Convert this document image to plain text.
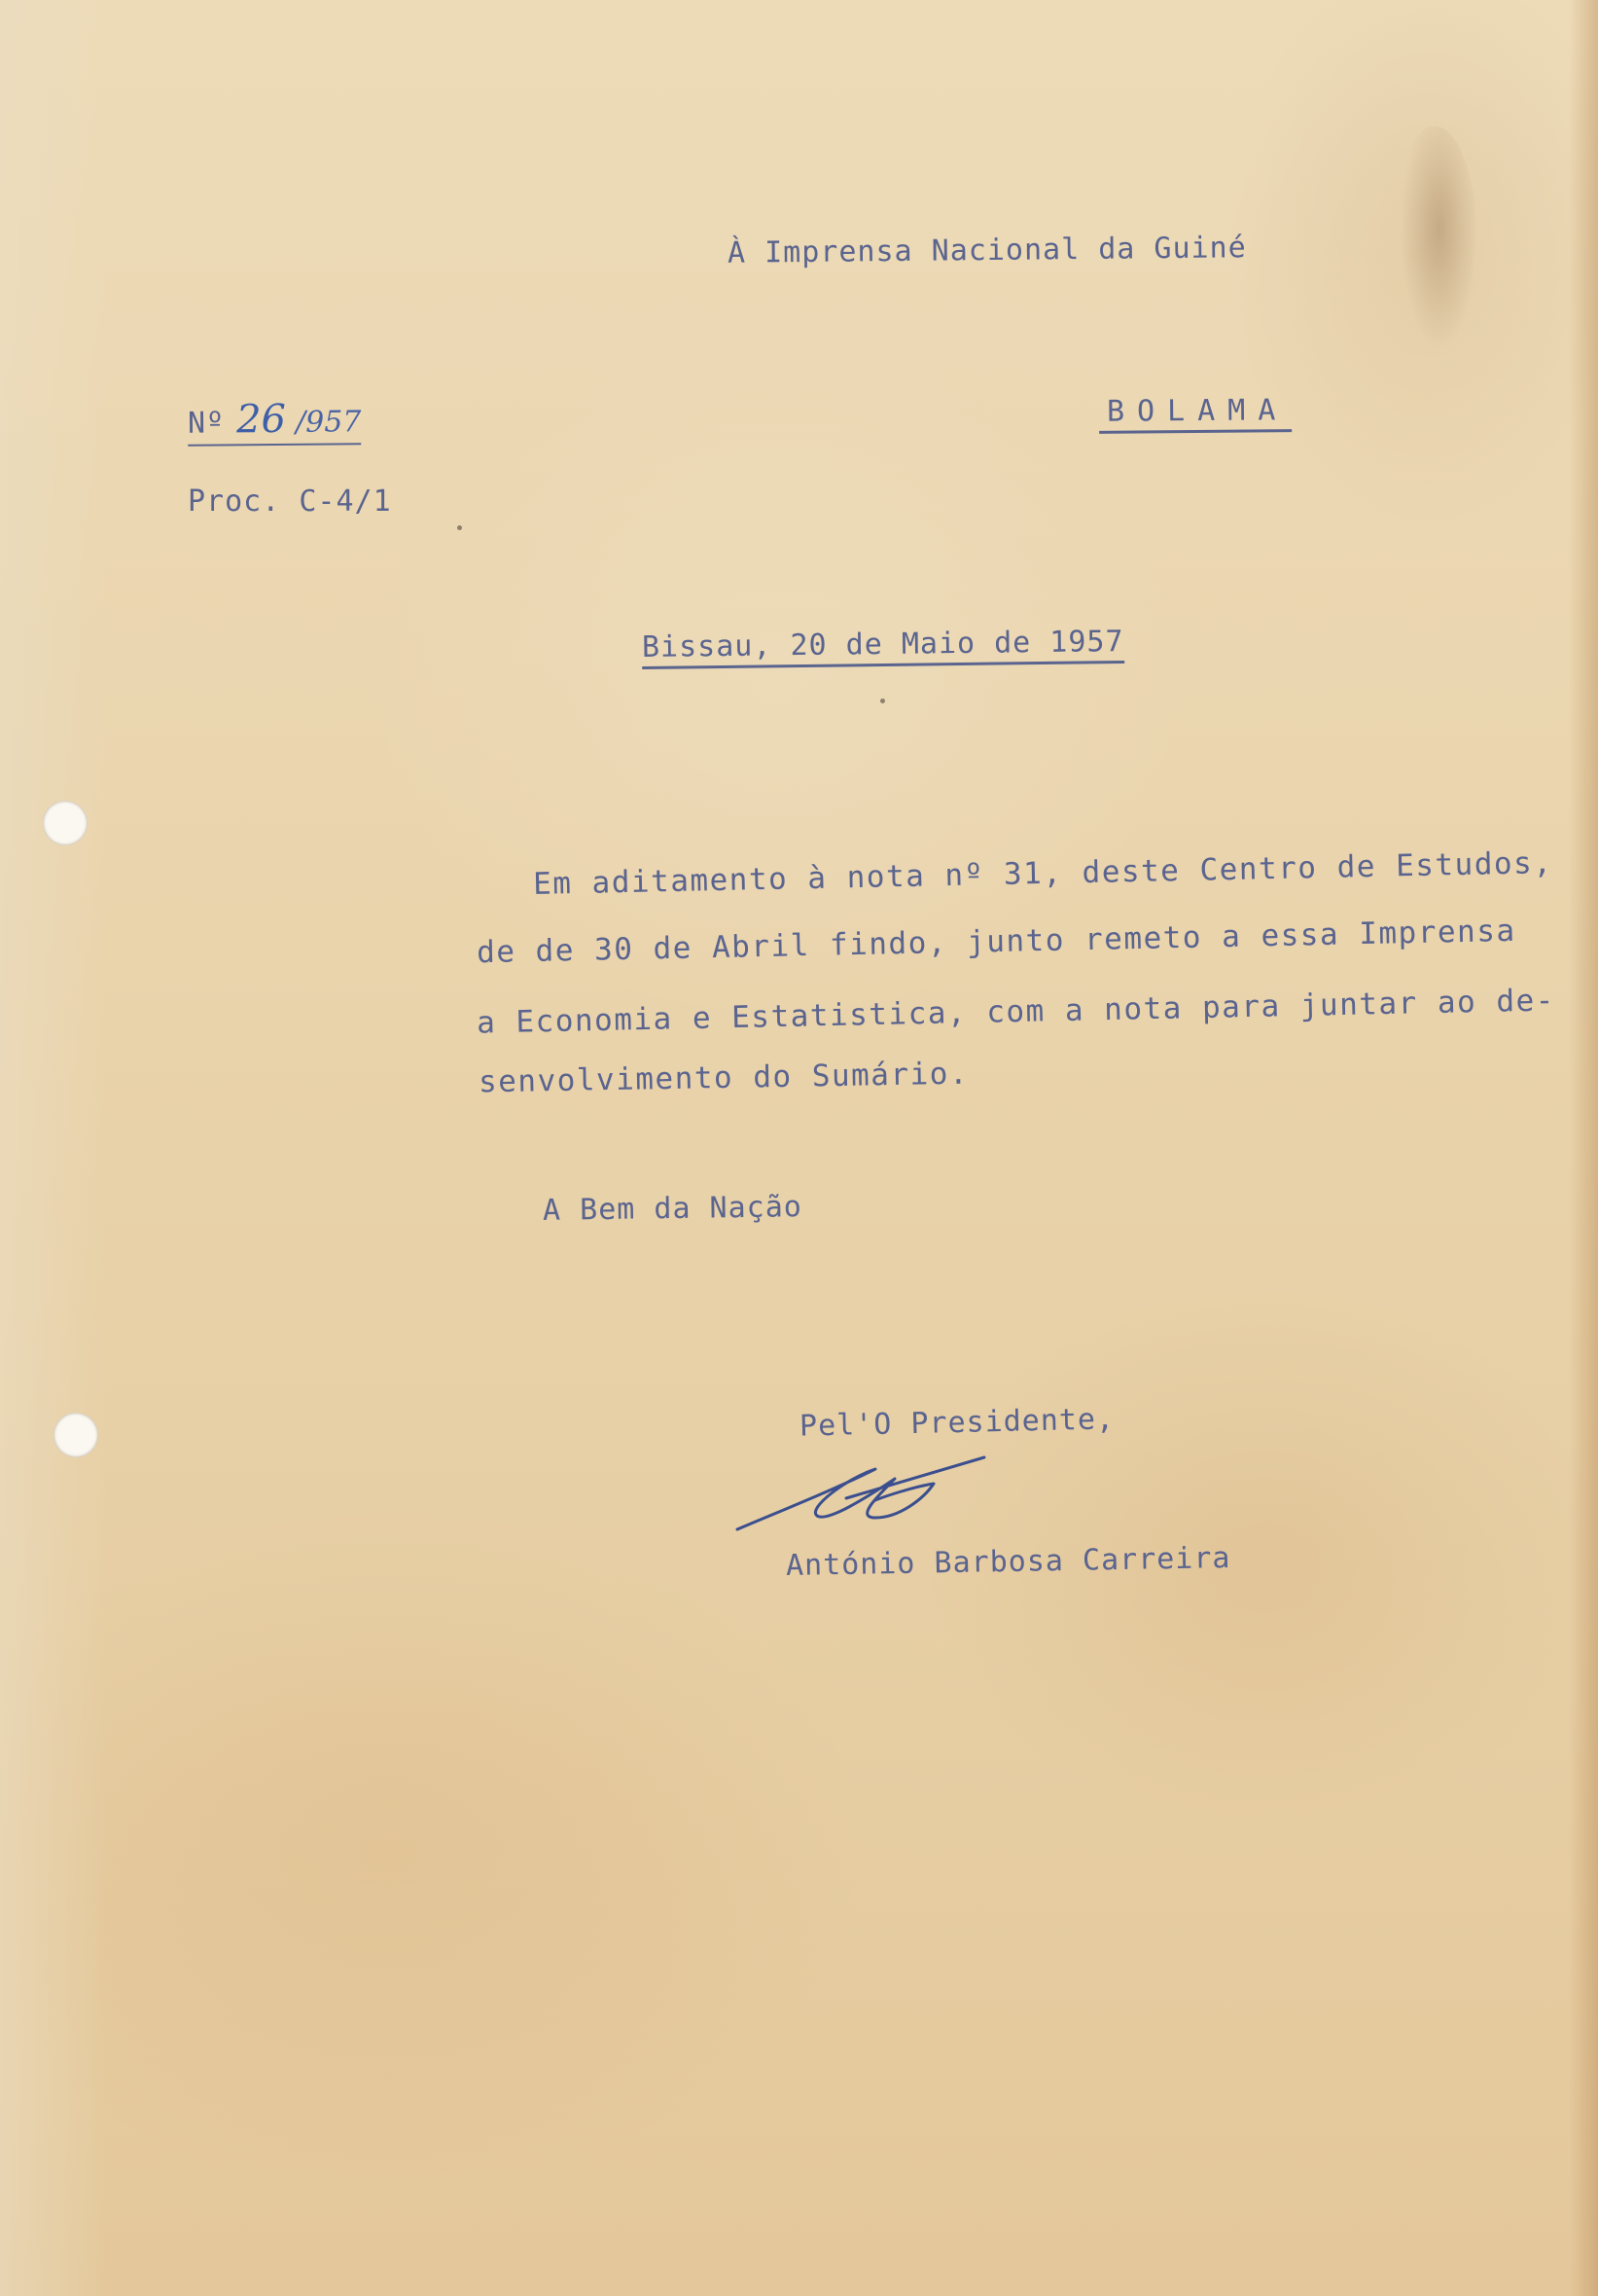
À Imprensa Nacional da Guiné
BOLAMA
Nº 26 /957
Proc. C-4/1
Bissau, 20 de Maio de 1957
Em aditamento à nota nº 31, deste Centro de Estudos,
de de 30 de Abril findo, junto remeto a essa Imprensa
a Economia e Estatistica, com a nota para juntar ao de-
senvolvimento do Sumário.
A Bem da Nação
Pel'O Presidente,
António Barbosa Carreira
